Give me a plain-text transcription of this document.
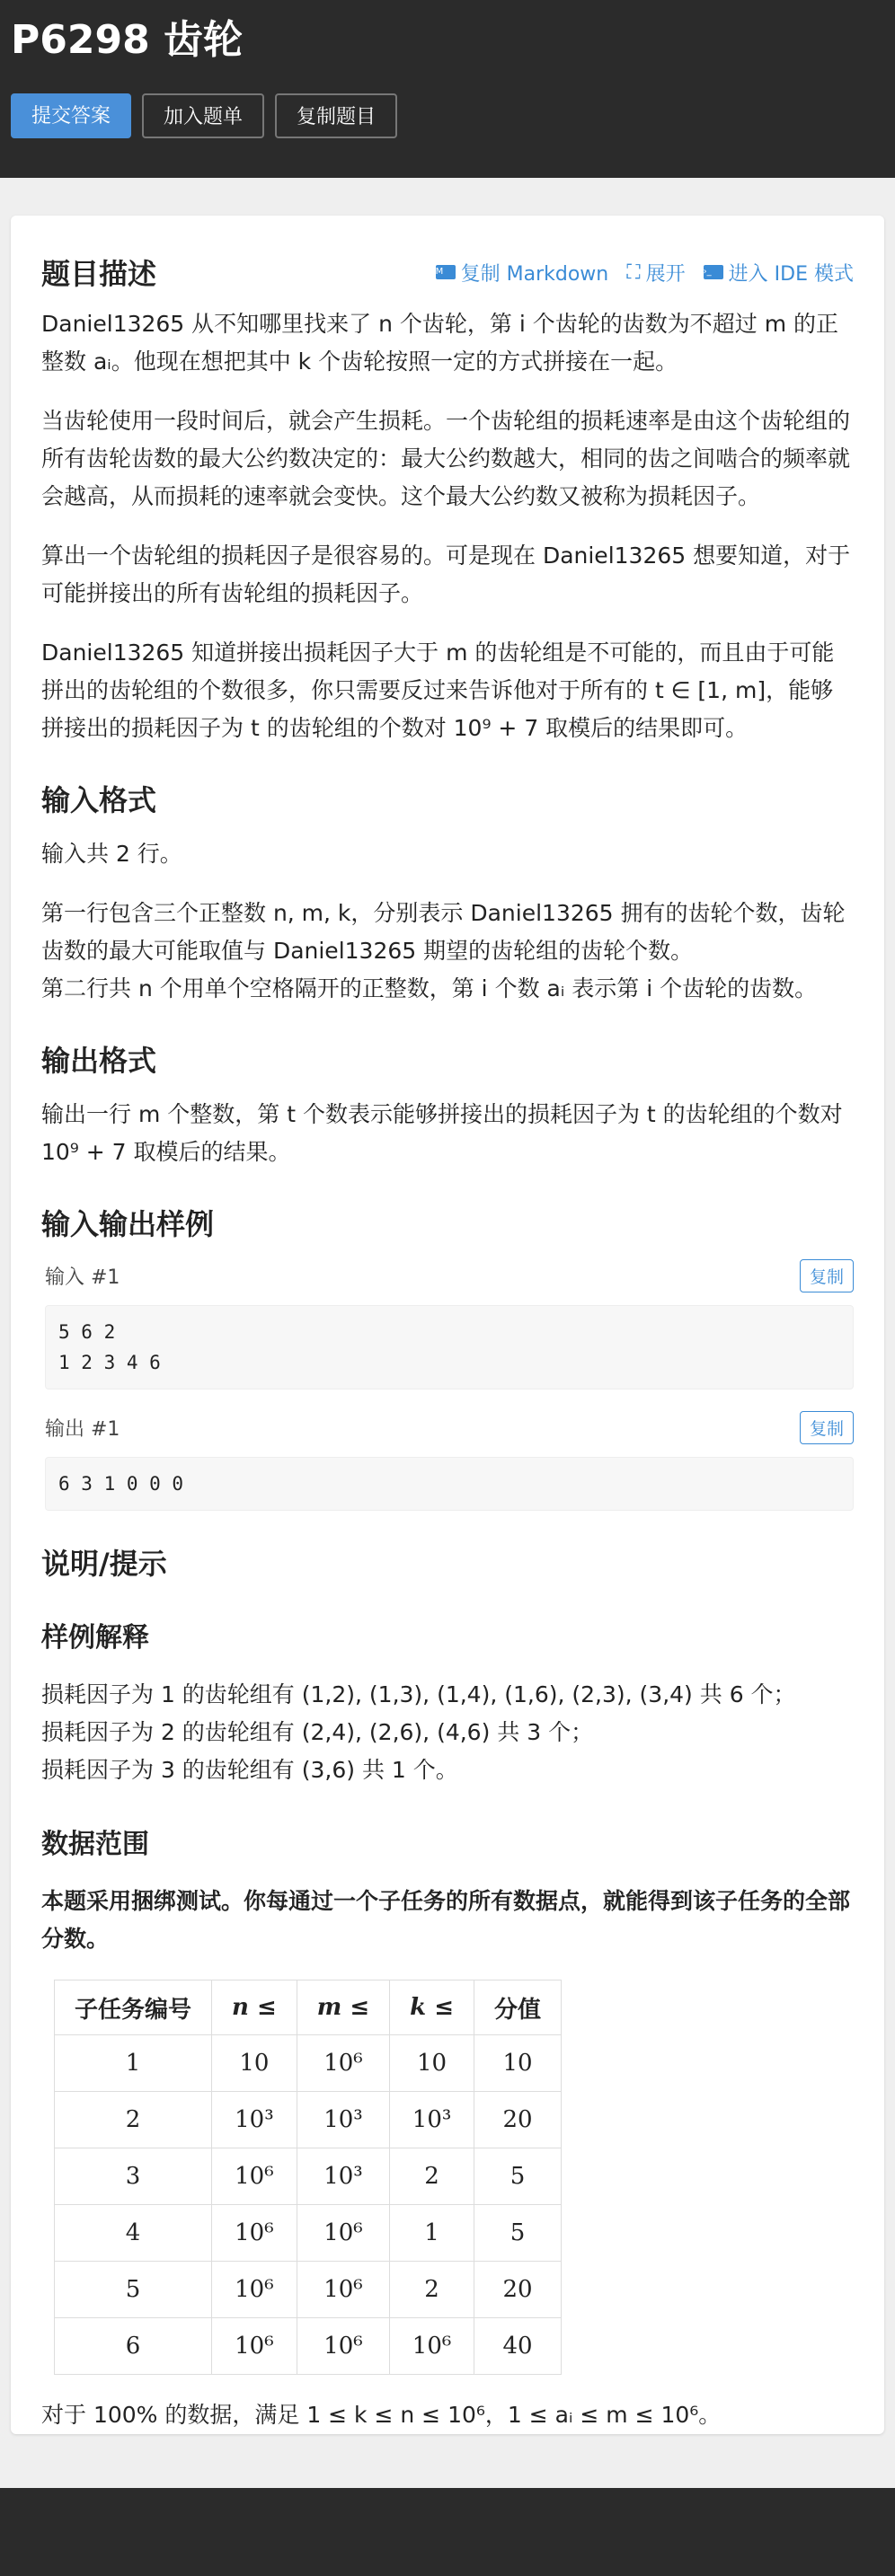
P6298 齿轮
提交答案	加入题单	复制题目
题目描述	M 复制 Markdown ⛶ 展开 ›_ 进入 IDE 模式

Daniel13265 从不知哪里找来了 n 个齿轮，第 i 个齿轮的齿数为不超过 m 的正整数 aᵢ。他现在想把其中 k 个齿轮按照一定的方式拼接在一起。

当齿轮使用一段时间后，就会产生损耗。一个齿轮组的损耗速率是由这个齿轮组的所有齿轮齿数的最大公约数决定的：最大公约数越大，相同的齿之间啮合的频率就会越高，从而损耗的速率就会变快。这个最大公约数又被称为损耗因子。

算出一个齿轮组的损耗因子是很容易的。可是现在 Daniel13265 想要知道，对于可能拼接出的所有齿轮组的损耗因子。

Daniel13265 知道拼接出损耗因子大于 m 的齿轮组是不可能的，而且由于可能拼出的齿轮组的个数很多，你只需要反过来告诉他对于所有的 t ∈ [1, m]，能够拼接出的损耗因子为 t 的齿轮组的个数对 10⁹ + 7 取模后的结果即可。

输入格式

输入共 2 行。

第一行包含三个正整数 n, m, k，分别表示 Daniel13265 拥有的齿轮个数，齿轮齿数的最大可能取值与 Daniel13265 期望的齿轮组的齿轮个数。

第二行共 n 个用单个空格隔开的正整数，第 i 个数 aᵢ 表示第 i 个齿轮的齿数。

输出格式

输出一行 m 个整数，第 t 个数表示能够拼接出的损耗因子为 t 的齿轮组的个数对 10⁹ + 7 取模后的结果。

输入输出样例
输入 #1	复制
5 6 2
1 2 3 4 6
输出 #1	复制
6 3 1 0 0 0
说明/提示
样例解释

损耗因子为 1 的齿轮组有 (1,2), (1,3), (1,4), (1,6), (2,3), (3,4) 共 6 个；

损耗因子为 2 的齿轮组有 (2,4), (2,6), (4,6) 共 3 个；

损耗因子为 3 的齿轮组有 (3,6) 共 1 个。

数据范围

本题采用捆绑测试。你每通过一个子任务的所有数据点，就能得到该子任务的全部分数。

子任务编号	n ≤	m ≤	k ≤	分值
1	10	10⁶	10	10
2	10³	10³	10³	20
3	10⁶	10³	2	5
4	10⁶	10⁶	1	5
5	10⁶	10⁶	2	20
6	10⁶	10⁶	10⁶	40

对于 100% 的数据，满足 1 ≤ k ≤ n ≤ 10⁶，1 ≤ aᵢ ≤ m ≤ 10⁶。
